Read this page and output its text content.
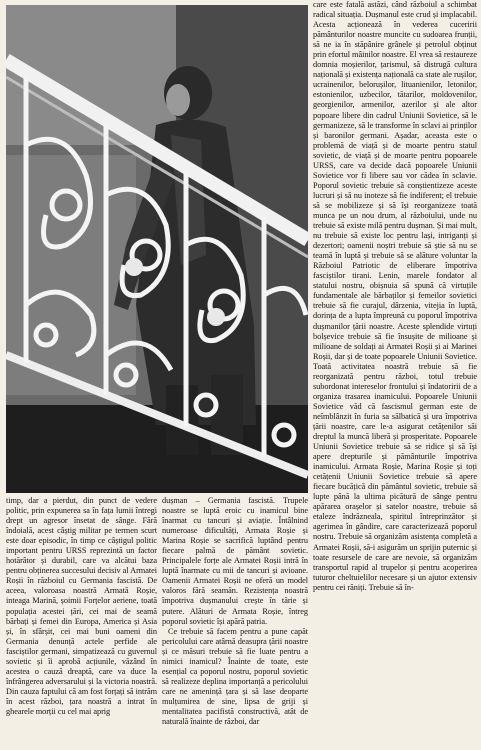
care este fatală astăzi, când războiul a schimbat radical situația. Dușmanul este crud și implacabil. Acesta acționează în vederea cuceririi pământurilor noastre muncite cu sudoarea frunții, să ne ia în stăpânire grânele și petrolul obținut prin efortul mâinilor noastre. El vrea să restaureze domnia moșierilor, țarismul, să distrugă cultura națională și existența națională ca state ale rușilor, ucrainenilor, belorușilor, lituanienilor, letonilor, estonienilor, uzbecilor, tătarilor, moldovenilor, georgienilor, armenilor, azerilor și ale altor popoare libere din cadrul Uniunii Sovietice, să le germanizeze, să le transforme în sclavi ai prinților și baronilor germani. Așadar, aceasta este o problemă de viață și de moarte pentru statul sovietic, de viață și de moarte pentru popoarele URSS, care va decide dacă popoarele Uniunii Sovietice vor fi libere sau vor cădea în sclavie. Poporul sovietic trebuie să conștientizeze aceste lucruri și să nu inoteze să fie indiferent; el trebuie să se mobilizeze și să își reorganizeze toată munca pe un nou drum, al războiului, unde nu trebuie să existe milă pentru dușman. Și mai mult, nu trebuie să existe loc pentru lași, intriganți și dezertori; oamenii noștri trebuie să știe să nu se teamă în luptă și trebuie să se alăture voluntar la Războiul Patriotic de eliberare împotriva fasciștilor tirani. Lenin, marele fondator al statului nostru, obișnuia să spună că virtuțile fundamentale ale bărbaților și femeilor sovietici trebuie să fie curajul, dârzenia, vitejia în luptă, dorința de a lupta împreună cu poporul împotriva dușmanilor țării noastre. Aceste splendide virtuți bolșevice trebuie să fie însușite de milioane și milioane de soldați ai Armatei Roșii și ai Marinei Roșii, dar și de toate popoarele Uniunii Sovietice. Toată activitatea noastră trebuie să fie reorganizată pentru război, totul trebuie subordonat intereselor frontului și îndatoririi de a organiza trasarea inamicului. Popoarele Uniunii Sovietice văd că fascismul german este de neîmblânzit în furia sa sălbatică și ura împotriva țării noastre, care le-a asigurat cetățenilor săi dreptul la muncă liberă și prosperitate. Popoarele Uniunii Sovietice trebuie să se ridice și să își apere drepturile și pământurile împotriva inamicului. Armata Roșie, Marina Roșie și toți cetățenii Uniunii Sovietice trebuie să apere fiecare bucățică din pământul sovietic, trebuie să lupte până la ultima picătură de sânge pentru apărarea orașelor și satelor noastre, trebuie să etaleze îndrăzneala, spiritul întreprinzător și agerimea în gândire, care caracterizează poporul nostru. Trebuie să organizăm asistența completă a Armatei Roșii, să-i asigurăm un sprijin puternic și toate resursele de care are nevoie, să organizăm transportul rapid al trupelor și pentru acoperirea tuturor cheltuielilor necesare și un ajutor extensiv pentru cei răniți. Trebuie să în-

timp, dar a pierdut, din punct de vedere politic, prin expunerea sa în fața lumii întregi drept un agresor însetat de sânge. Fără îndoială, acest câștig militar pe termen scurt este doar episodic, în timp ce câștigul politic important pentru URSS reprezintă un factor hotărâtor și durabil, care va alcătui baza pentru obținerea succesului decisiv al Armatei Roșii în războiul cu Germania fascistă. De aceea, valoroasa noastră Armată Roșie, inteaga Marină, șoimii Forțelor aeriene, toată populația acestei țări, cei mai de seamă bărbați și femei din Europa, America și Asia și, în sfârșit, cei mai buni oameni din Germania denunță actele perfide ale fasciștilor germani, simpatizează cu guvernul sovietic și îi aprobă acțiunile, văzând în acestea o cauză dreaptă, care va duce la înfrângerea adversarului și la victoria noastră. Din cauza faptului că am fost forțați să intrăm în acest război, țara noastră a intrat în ghearele morții cu cel mai aprig

dușman – Germania fascistă. Trupele noastre se luptă eroic cu inamicul bine înarmat cu tancuri și aviație. Întâlnind numeroase dificultăți, Armata Roșie și Marina Roșie se sacrifică luptând pentru fiecare palmă de pământ sovietic. Principalele forțe ale Armatei Roșii intră în luptă înarmate cu mii de tancuri și avioane. Oamenii Armatei Roșii ne oferă un model valoros fără seamăn. Rezistența noastră împotriva dușmanului crește în tărie și putere. Alături de Armata Roșie, întreg poporul sovietic își apără patria.

Ce trebuie să facem pentru a pune capăt pericolului care atârnă deasupra țării noastre și ce măsuri trebuie să fie luate pentru a nimici inamicul? Înainte de toate, este esențial ca poporul nostru, poporul sovietic să realizeze deplina importanță a pericolului care ne amenință țara și să lase deoparte mulțumirea de sine, lipsa de griji și mentalitatea pacifistă constructivă, atât de naturală înainte de război, dar
